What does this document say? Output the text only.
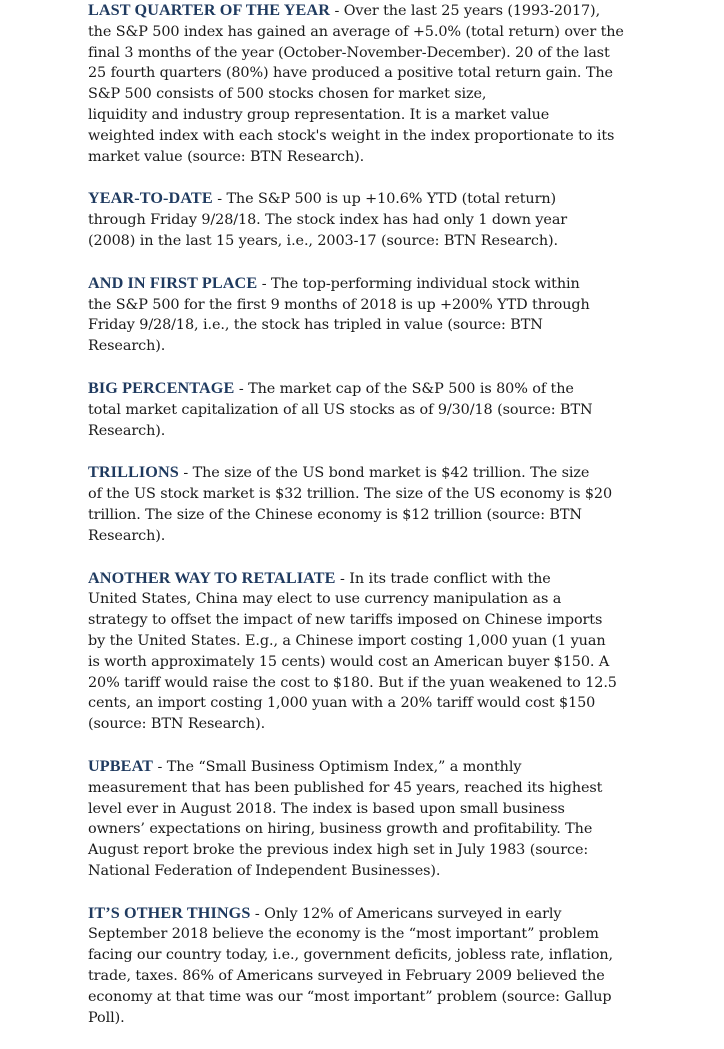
LAST QUARTER OF THE YEAR - Over the last 25 years (1993-2017),
the S&P 500 index has gained an average of +5.0% (total return) over the
final 3 months of the year (October-November-December). 20 of the last
25 fourth quarters (80%) have produced a positive total return gain. The
S&P 500 consists of 500 stocks chosen for market size,
liquidity and industry group representation. It is a market value
weighted index with each stock's weight in the index proportionate to its
market value (source: BTN Research).

YEAR-TO-DATE - The S&P 500 is up +10.6% YTD (total return)
through Friday 9/28/18. The stock index has had only 1 down year
(2008) in the last 15 years, i.e., 2003-17 (source: BTN Research).

AND IN FIRST PLACE - The top-performing individual stock within
the S&P 500 for the first 9 months of 2018 is up +200% YTD through
Friday 9/28/18, i.e., the stock has tripled in value (source: BTN
Research).

BIG PERCENTAGE - The market cap of the S&P 500 is 80% of the
total market capitalization of all US stocks as of 9/30/18 (source: BTN
Research).

TRILLIONS - The size of the US bond market is $42 trillion. The size
of the US stock market is $32 trillion. The size of the US economy is $20
trillion. The size of the Chinese economy is $12 trillion (source: BTN
Research).

ANOTHER WAY TO RETALIATE - In its trade conflict with the
United States, China may elect to use currency manipulation as a
strategy to offset the impact of new tariffs imposed on Chinese imports
by the United States. E.g., a Chinese import costing 1,000 yuan (1 yuan
is worth approximately 15 cents) would cost an American buyer $150. A
20% tariff would raise the cost to $180. But if the yuan weakened to 12.5
cents, an import costing 1,000 yuan with a 20% tariff would cost $150
(source: BTN Research).

UPBEAT - The “Small Business Optimism Index,” a monthly
measurement that has been published for 45 years, reached its highest
level ever in August 2018. The index is based upon small business
owners’ expectations on hiring, business growth and profitability. The
August report broke the previous index high set in July 1983 (source:
National Federation of Independent Businesses).

IT’S OTHER THINGS - Only 12% of Americans surveyed in early
September 2018 believe the economy is the “most important” problem
facing our country today, i.e., government deficits, jobless rate, inflation,
trade, taxes. 86% of Americans surveyed in February 2009 believed the
economy at that time was our “most important” problem (source: Gallup
Poll).
